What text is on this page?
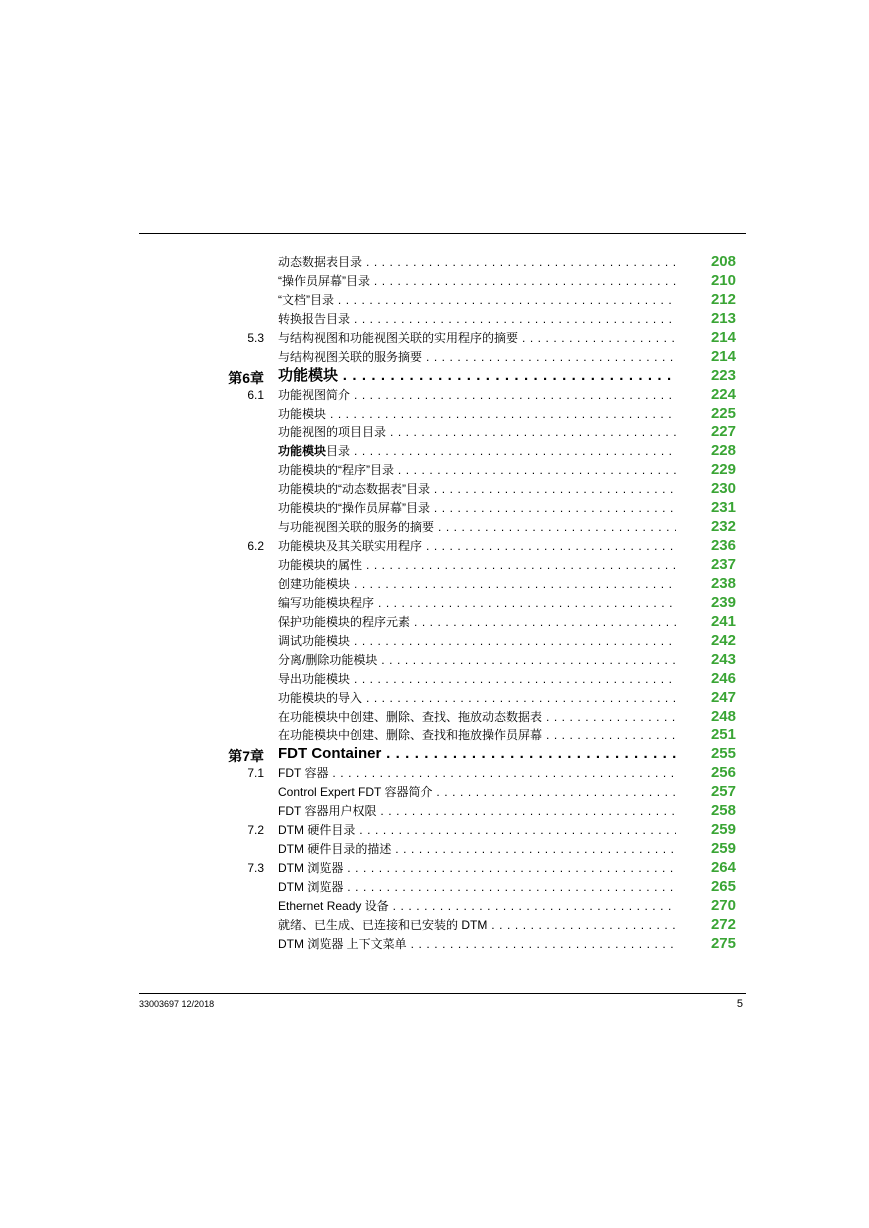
动态数据表目录 . . .	208
“操作员屏幕”目录 . . .	210
“文档”目录 . . .	212
转换报告目录 . . .	213
5.3 与结构视图和功能视图关联的实用程序的摘要 . . .	214
与结构视图关联的服务摘要 . . .	214
第6章 功能模块 . . .	223
6.1 功能视图简介 . . .	224
功能模块 . . .	225
功能视图的项目目录 . . .	227
功能模块目录 . . .	228
功能模块的“程序”目录 . . .	229
功能模块的“动态数据表”目录 . . .	230
功能模块的“操作员屏幕”目录 . . .	231
与功能视图关联的服务的摘要 . . .	232
6.2 功能模块及其关联实用程序 . . .	236
功能模块的属性 . . .	237
创建功能模块 . . .	238
编写功能模块程序 . . .	239
保护功能模块的程序元素 . . .	241
调试功能模块 . . .	242
分离/删除功能模块 . . .	243
导出功能模块 . . .	246
功能模块的导入 . . .	247
在功能模块中创建、删除、查找、拖放动态数据表 . . .	248
在功能模块中创建、删除、查找和拖放操作员屏幕 . . .	251
第7章 FDT Container . . .	255
7.1 FDT 容器 . . .	256
Control Expert FDT 容器简介 . . .	257
FDT 容器用户权限 . . .	258
7.2 DTM 硬件目录 . . .	259
DTM 硬件目录的描述 . . .	259
7.3 DTM 浏览器 . . .	264
DTM 浏览器 . . .	265
Ethernet Ready 设备 . . .	270
就绪、已生成、已连接和已安装的 DTM . . .	272
DTM 浏览器 上下文菜单 . . .	275
33003697 12/2018	5
